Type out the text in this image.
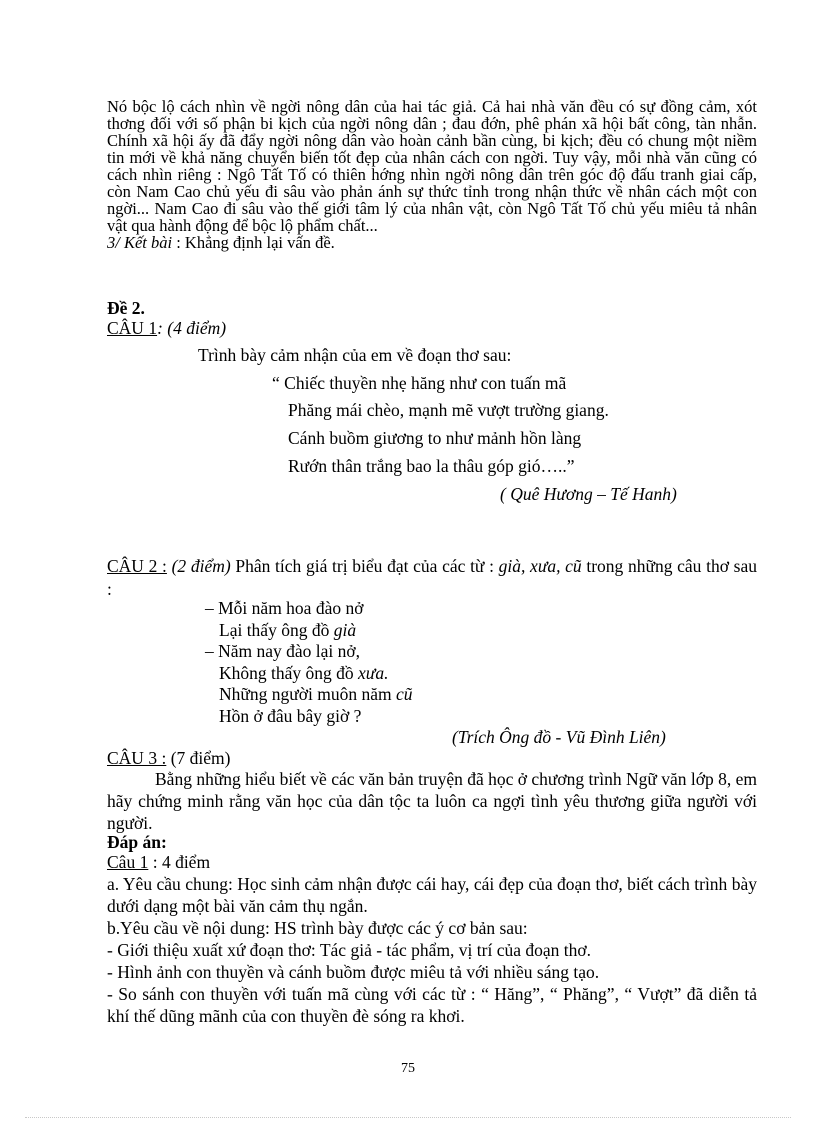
Nó bộc lộ cách nhìn về ngời nông dân của hai tác giả. Cả hai nhà văn đều có sự đồng cảm, xót thơng đối với số phận bi kịch của ngời nông dân ; đau đớn, phê phán xã hội bất công, tàn nhẫn. Chính xã hội ấy đã đẩy ngời nông dân vào hoàn cảnh bần cùng, bi kịch; đều có chung một niềm tin mới về khả năng chuyển biến tốt đẹp của nhân cách con ngời. Tuy vậy, mỗi nhà văn cũng có cách nhìn riêng : Ngô Tất Tố có thiên hớng nhìn ngời nông dân trên góc độ đấu tranh giai cấp, còn Nam Cao chủ yếu đi sâu vào phản ánh sự thức tỉnh trong nhận thức về nhân cách một con ngời... Nam Cao đi sâu vào thế giới tâm lý của nhân vật, còn Ngô Tất Tố chủ yếu miêu tả nhân vật qua hành động để bộc lộ phẩm chất...
3/ Kết bài : Khẳng định lại vấn đề.
Đề 2.
CÂU 1: (4 điểm)
Trình bày cảm nhận của em về đoạn thơ sau:
“ Chiếc thuyền nhẹ hăng như con tuấn mã
Phăng mái chèo, mạnh mẽ vượt trường giang.
Cánh buồm giương to như mảnh hồn làng
Rướn thân trắng bao la thâu góp gió…..”
( Quê Hương – Tế Hanh)
CÂU 2 : (2 điểm) Phân tích giá trị biểu đạt của các từ : già, xưa, cũ trong những câu thơ sau :
– Mỗi năm hoa đào nở
Lại thấy ông đồ già
– Năm nay đào lại nở,
Không thấy ông đồ xưa.
Những người muôn năm cũ
Hồn ở đâu bây giờ ?
(Trích Ông đồ - Vũ Đình Liên)
CÂU 3 : (7 điểm)
Bằng những hiểu biết về các văn bản truyện đã học ở chương trình Ngữ văn lớp 8, em hãy chứng minh rằng văn học của dân tộc ta luôn ca ngợi tình yêu thương giữa người với người.
Đáp án:
Câu 1 : 4 điểm
a. Yêu cầu chung: Học sinh cảm nhận được cái hay, cái đẹp của đoạn thơ, biết cách trình bày dưới dạng một bài văn cảm thụ ngắn.
b.Yêu cầu về nội dung: HS trình bày được các ý cơ bản sau:
- Giới thiệu xuất xứ đoạn thơ: Tác giả - tác phẩm, vị trí của đoạn thơ.
- Hình ảnh con thuyền và cánh buồm được miêu tả với nhiều sáng tạo.
- So sánh con thuyền với tuấn mã cùng với các từ : “ Hăng”, “ Phăng”, “ Vượt” đã diễn tả khí thế dũng mãnh của con thuyền đè sóng ra khơi.
75
